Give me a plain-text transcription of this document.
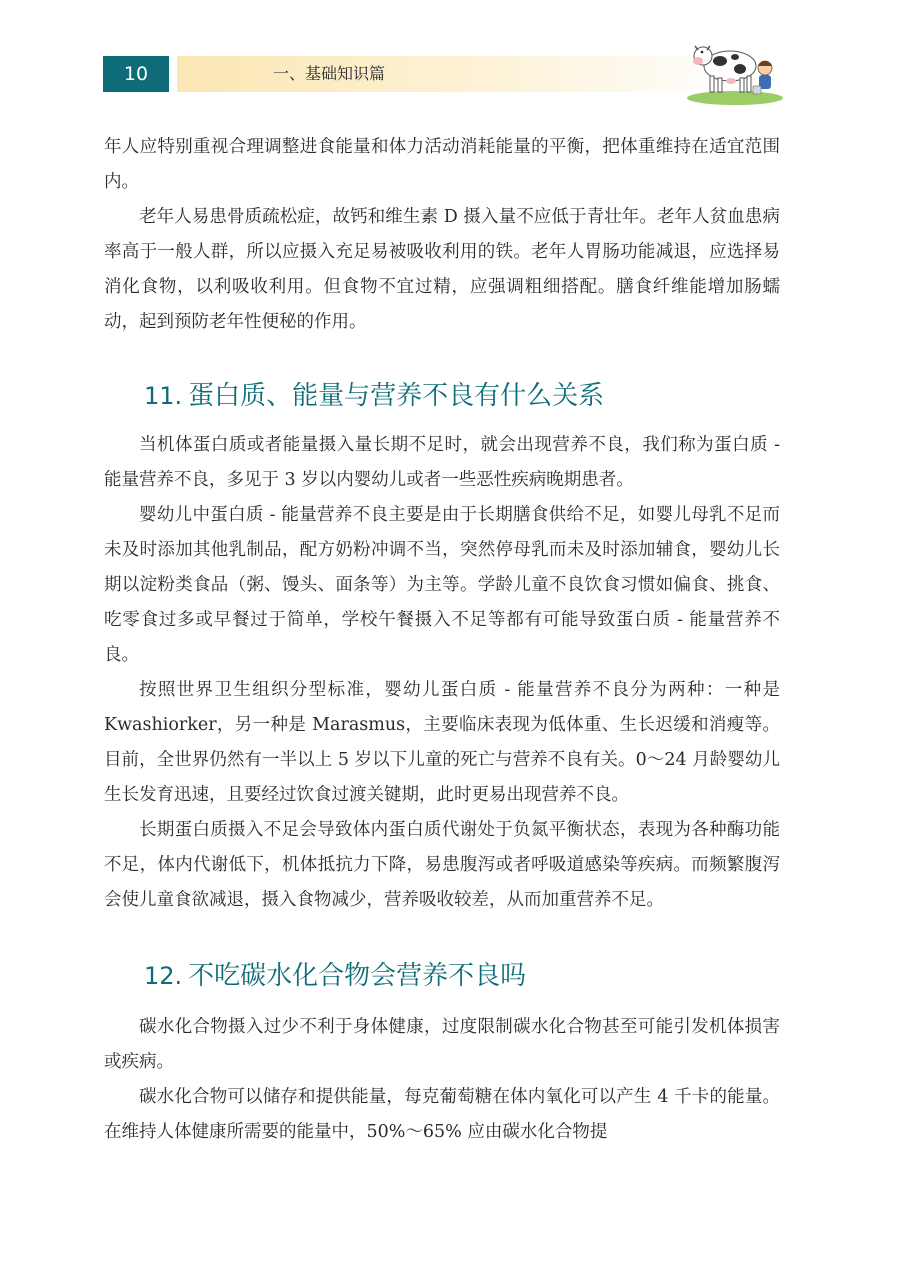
10	一、基础知识篇

年人应特别重视合理调整进食能量和体力活动消耗能量的平衡，把体重维持在适宜范围内。

老年人易患骨质疏松症，故钙和维生素 D 摄入量不应低于青壮年。老年人贫血患病率高于一般人群，所以应摄入充足易被吸收利用的铁。老年人胃肠功能减退，应选择易消化食物，以利吸收利用。但食物不宜过精，应强调粗细搭配。膳食纤维能增加肠蠕动，起到预防老年性便秘的作用。

11. 蛋白质、能量与营养不良有什么关系

当机体蛋白质或者能量摄入量长期不足时，就会出现营养不良，我们称为蛋白质 - 能量营养不良，多见于 3 岁以内婴幼儿或者一些恶性疾病晚期患者。

婴幼儿中蛋白质 - 能量营养不良主要是由于长期膳食供给不足，如婴儿母乳不足而未及时添加其他乳制品，配方奶粉冲调不当，突然停母乳而未及时添加辅食，婴幼儿长期以淀粉类食品（粥、馒头、面条等）为主等。学龄儿童不良饮食习惯如偏食、挑食、吃零食过多或早餐过于简单，学校午餐摄入不足等都有可能导致蛋白质 - 能量营养不良。

按照世界卫生组织分型标准，婴幼儿蛋白质 - 能量营养不良分为两种：一种是 Kwashiorker，另一种是 Marasmus，主要临床表现为低体重、生长迟缓和消瘦等。目前，全世界仍然有一半以上 5 岁以下儿童的死亡与营养不良有关。0～24 月龄婴幼儿生长发育迅速，且要经过饮食过渡关键期，此时更易出现营养不良。

长期蛋白质摄入不足会导致体内蛋白质代谢处于负氮平衡状态，表现为各种酶功能不足，体内代谢低下，机体抵抗力下降，易患腹泻或者呼吸道感染等疾病。而频繁腹泻会使儿童食欲减退，摄入食物减少，营养吸收较差，从而加重营养不足。

12. 不吃碳水化合物会营养不良吗

碳水化合物摄入过少不利于身体健康，过度限制碳水化合物甚至可能引发机体损害或疾病。

碳水化合物可以储存和提供能量，每克葡萄糖在体内氧化可以产生 4 千卡的能量。在维持人体健康所需要的能量中，50%～65% 应由碳水化合物提
